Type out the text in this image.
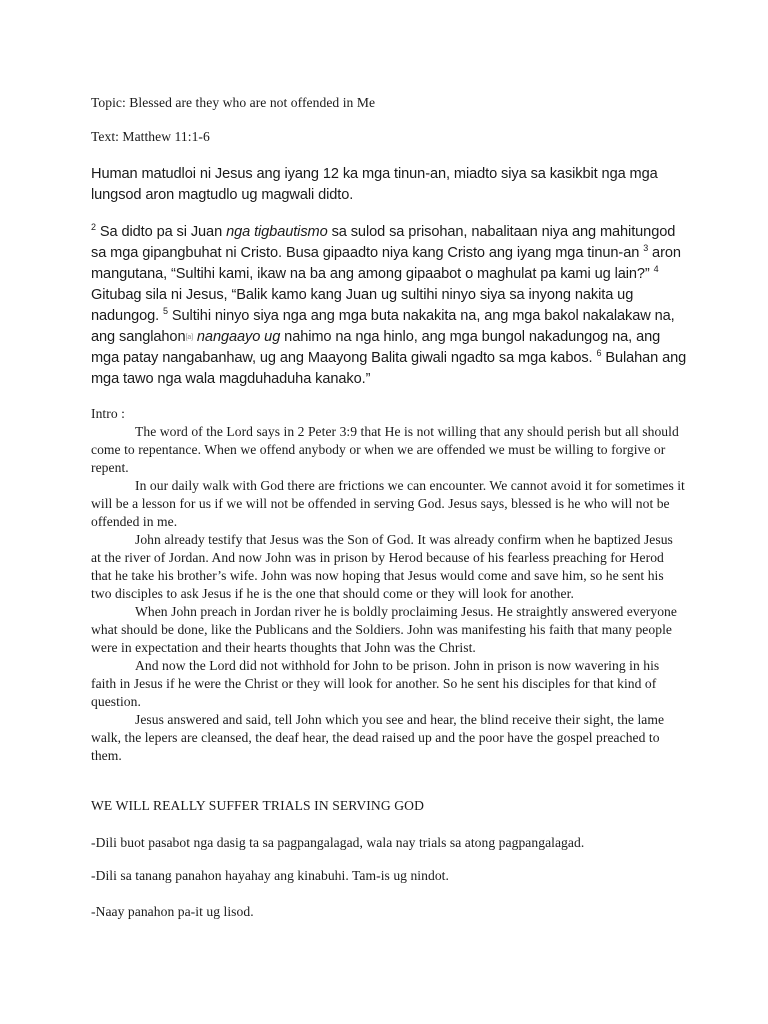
Topic: Blessed are they who are not offended in Me
Text: Matthew 11:1-6
Human matudloi ni Jesus ang iyang 12 ka mga tinun-an, miadto siya sa kasikbit nga mga lungsod aron magtudlo ug magwali didto.
$^2$ Sa didto pa si Juan nga tigbautismo sa sulod sa prisohan, nabalitaan niya ang mahitungod sa mga gipangbuhat ni Cristo. Busa gipaadto niya kang Cristo ang iyang mga tinun-an $^3$ aron mangutana, “Sultihi kami, ikaw na ba ang among gipaabot o maghulat pa kami ug lain?” $^4$ Gitubag sila ni Jesus, “Balik kamo kang Juan ug sultihi ninyo siya sa inyong nakita ug nadungog. $^5$ Sultihi ninyo siya nga ang mga buta nakakita na, ang mga bakol nakalakaw na, ang sanglahon[a] nangaayo ug nahimo na nga hinlo, ang mga bungol nakadungog na, ang mga patay nangabanhaw, ug ang Maayong Balita giwali ngadto sa mga kabos. $^6$ Bulahan ang mga tawo nga wala magduhaduha kanako.”
Intro :

The word of the Lord says in 2 Peter 3:9 that He is not willing that any should perish but all should come to repentance. When we offend anybody or when we are offended we must be willing to forgive or repent.

In our daily walk with God there are frictions we can encounter. We cannot avoid it for sometimes it will be a lesson for us if we will not be offended in serving God. Jesus says, blessed is he who will not be offended in me.

John already testify that Jesus was the Son of God. It was already confirm when he baptized Jesus at the river of Jordan. And now John was in prison by Herod because of his fearless preaching for Herod that he take his brother’s wife. John was now hoping that Jesus would come and save him, so he sent his two disciples to ask Jesus if he is the one that should come or they will look for another.

When John preach in Jordan river he is boldly proclaiming Jesus. He straightly answered everyone what should be done, like the Publicans and the Soldiers. John was manifesting his faith that many people were in expectation and their hearts thoughts that John was the Christ.

And now the Lord did not withhold for John to be prison. John in prison is now wavering in his faith in Jesus if he were the Christ or they will look for another. So he sent his disciples for that kind of question.

Jesus answered and said, tell John which you see and hear, the blind receive their sight, the lame walk, the lepers are cleansed, the deaf hear, the dead raised up and the poor have the gospel preached to them.

WE WILL REALLY SUFFER TRIALS IN SERVING GOD
-Dili buot pasabot nga dasig ta sa pagpangalagad, wala nay trials sa atong pagpangalagad.
-Dili sa tanang panahon hayahay ang kinabuhi. Tam-is ug nindot.
-Naay panahon pa-it ug lisod.
